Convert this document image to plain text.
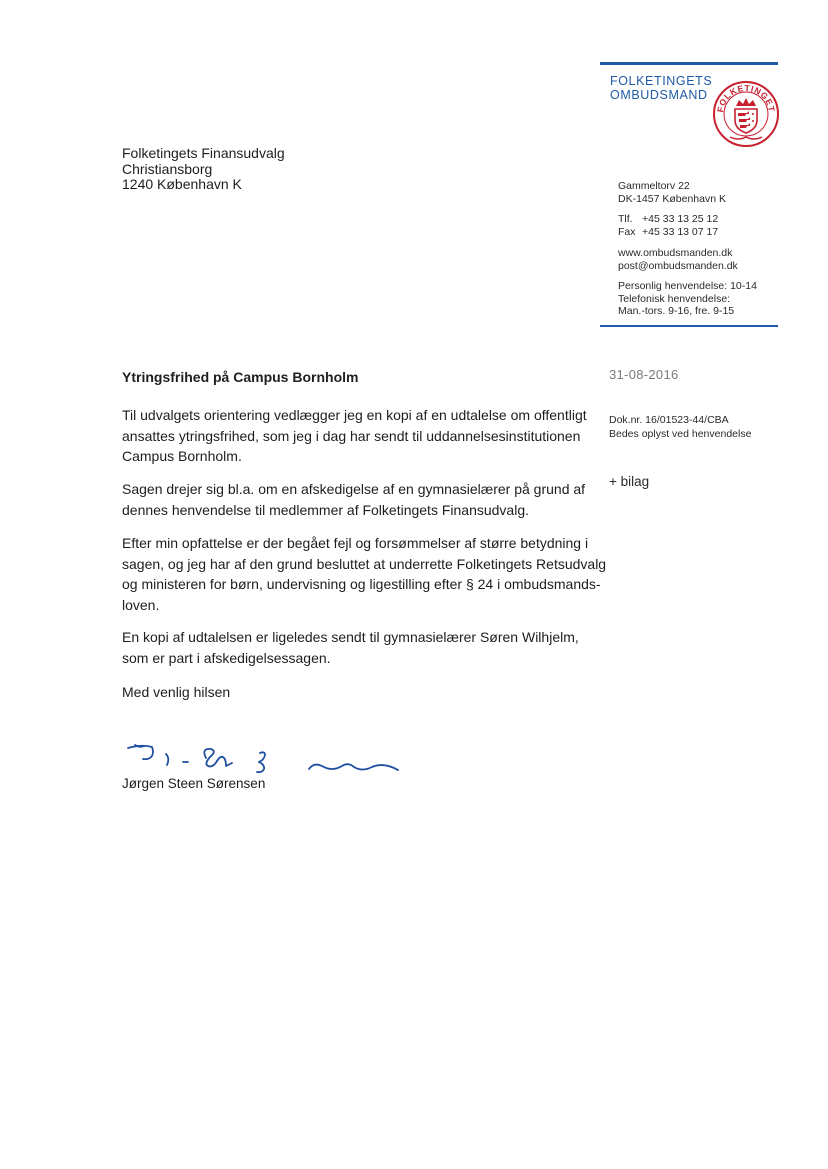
FOLKETINGETS
OMBUDSMAND
FOLKETINGET
Folketingets Finansudvalg
Christiansborg
1240 København K	Gammeltorv 22
DK-1457 København K
Tlf. +45 33 13 25 12
Fax +45 33 13 07 17
www.ombudsmanden.dk
post@ombudsmanden.dk
Personlig henvendelse: 10-14
Telefonisk henvendelse:
Man.-tors. 9-16, fre. 9-15
31-08-2016
Dok.nr. 16/01523-44/CBA
Bedes oplyst ved henvendelse
+ bilag
Ytringsfrihed på Campus Bornholm
Til udvalgets orientering vedlægger jeg en kopi af en udtalelse om offentligt
ansattes ytringsfrihed, som jeg i dag har sendt til uddannelsesinstitutionen
Campus Bornholm.
Sagen drejer sig bl.a. om en afskedigelse af en gymnasielærer på grund af
dennes henvendelse til medlemmer af Folketingets Finansudvalg.
Efter min opfattelse er der begået fejl og forsømmelser af større betydning i
sagen, og jeg har af den grund besluttet at underrette Folketingets Retsudvalg
og ministeren for børn, undervisning og ligestilling efter § 24 i ombudsmands-
loven.
En kopi af udtalelsen er ligeledes sendt til gymnasielærer Søren Wilhjelm,
som er part i afskedigelsessagen.
Med venlig hilsen
Jørgen Steen Sørensen
